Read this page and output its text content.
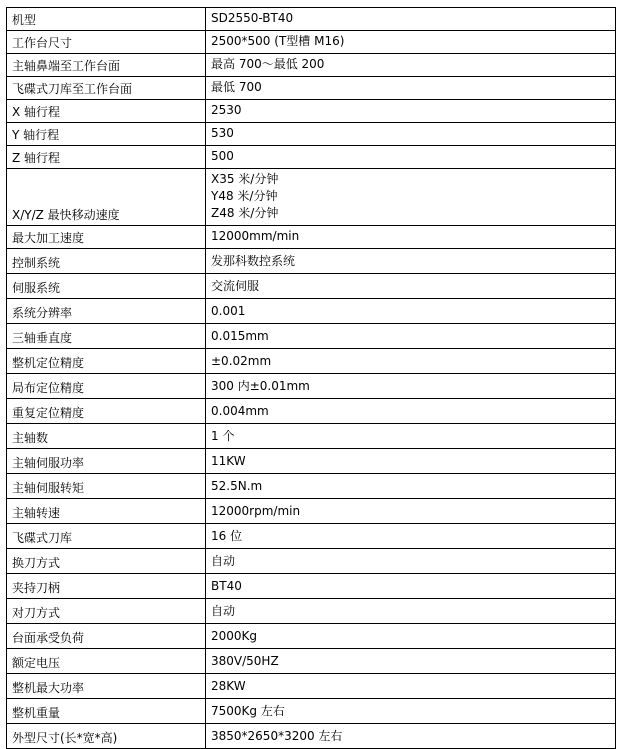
机型	SD2550-BT40

工作台尺寸	2500*500 (T型槽 M16)

主轴鼻端至工作台面	最高 700～最低 200

飞碟式刀库至工作台面	最低 700

X 轴行程	2530

Y 轴行程	530

Z 轴行程	500

X/Y/Z 最快移动速度	X35 米/分钟
Y48 米/分钟
Z48 米/分钟

最大加工速度	12000mm/min

控制系统	发那科数控系统

伺服系统	交流伺服

系统分辨率	0.001

三轴垂直度	0.015mm

整机定位精度	±0.02mm

局布定位精度	300 内±0.01mm

重复定位精度	0.004mm

主轴数	1 个

主轴伺服功率	11KW

主轴伺服转矩	52.5N.m

主轴转速	12000rpm/min

飞碟式刀库	16 位

换刀方式	自动

夹持刀柄	BT40

对刀方式	自动

台面承受负荷	2000Kg

额定电压	380V/50HZ

整机最大功率	28KW

整机重量	7500Kg 左右

外型尺寸(长*宽*高)	3850*2650*3200 左右
